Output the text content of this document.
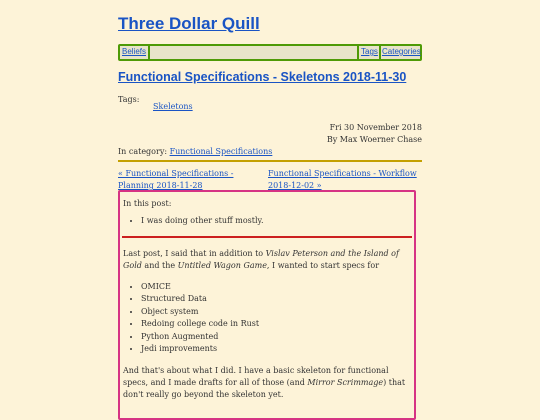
Three Dollar Quill
Beliefs	Tags Categories
Functional Specifications - Skeletons 2018-11-30
Tags:
Skeletons
Fri 30 November 2018
By Max Woerner Chase
In category: Functional Specifications
« Functional Specifications - Planning 2018-11-28
Functional Specifications - Workflow 2018-12-02 »

In this post:

• I was doing other stuff mostly.

Last post, I said that in addition to Vislav Peterson and the Island of Gold and the Untitled Wagon Game, I wanted to start specs for

• OMICE
• Structured Data
• Object system
• Redoing college code in Rust
• Python Augmented
• Jedi improvements

And that's about what I did. I have a basic skeleton for functional specs, and I made drafts for all of those (and Mirror Scrimmage) that don't really go beyond the skeleton yet.
